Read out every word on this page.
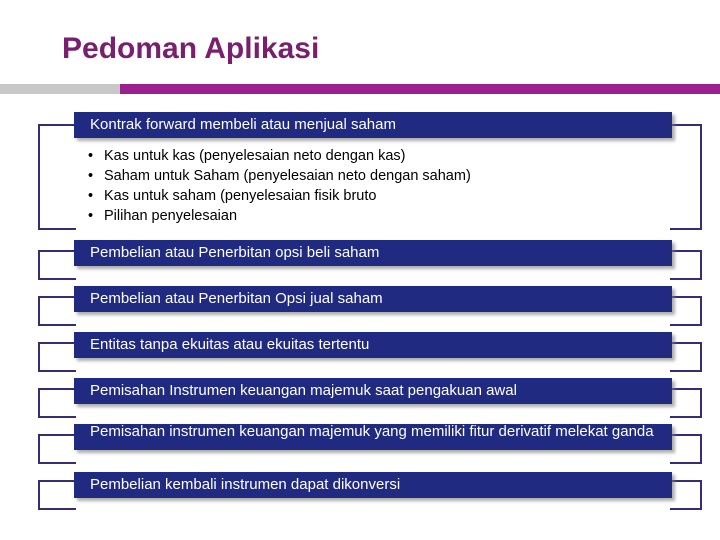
Pedoman Aplikasi
Kontrak forward membeli atau menjual saham
• Kas untuk kas (penyelesaian neto dengan kas)
• Saham untuk Saham (penyelesaian neto dengan saham)
• Kas untuk saham (penyelesaian fisik bruto
• Pilihan penyelesaian
Pembelian atau Penerbitan opsi beli saham
Pembelian atau Penerbitan Opsi jual saham
Entitas tanpa ekuitas atau ekuitas tertentu
Pemisahan Instrumen keuangan majemuk saat pengakuan awal
Pemisahan instrumen keuangan majemuk yang memiliki fitur derivatif melekat ganda
Pembelian kembali instrumen dapat dikonversi
